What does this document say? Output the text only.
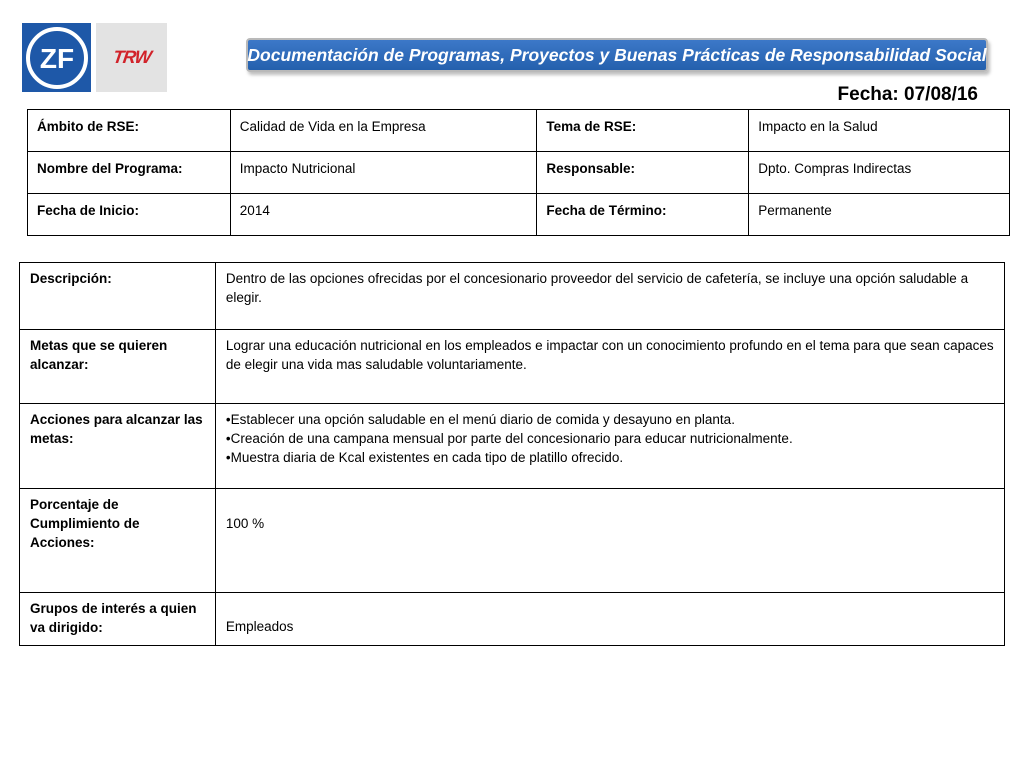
ZF TRW	Documentación de Programas, Proyectos y Buenas Prácticas de Responsabilidad Social
Fecha: 07/08/16
Ámbito de RSE:	Calidad de Vida en la Empresa	Tema de RSE:	Impacto en la Salud
Nombre del Programa:	Impacto Nutricional	Responsable:	Dpto. Compras Indirectas
Fecha de Inicio:	2014	Fecha de Término:	Permanente
Descripción:	Dentro de las opciones ofrecidas por el concesionario proveedor del servicio de cafetería, se incluye una opción saludable a elegir.
Metas que se quieren alcanzar:	Lograr una educación nutricional en los empleados e impactar con un conocimiento profundo en el tema para que sean capaces de elegir una vida mas saludable voluntariamente.
Acciones para alcanzar las metas:	•Establecer una opción saludable en el menú diario de comida y desayuno en planta.
•Creación de una campana mensual por parte del concesionario para educar nutricionalmente.
•Muestra diaria de Kcal existentes en cada tipo de platillo ofrecido.

Porcentaje de Cumplimiento de Acciones:	100 %
Grupos de interés a quien va dirigido:	Empleados
